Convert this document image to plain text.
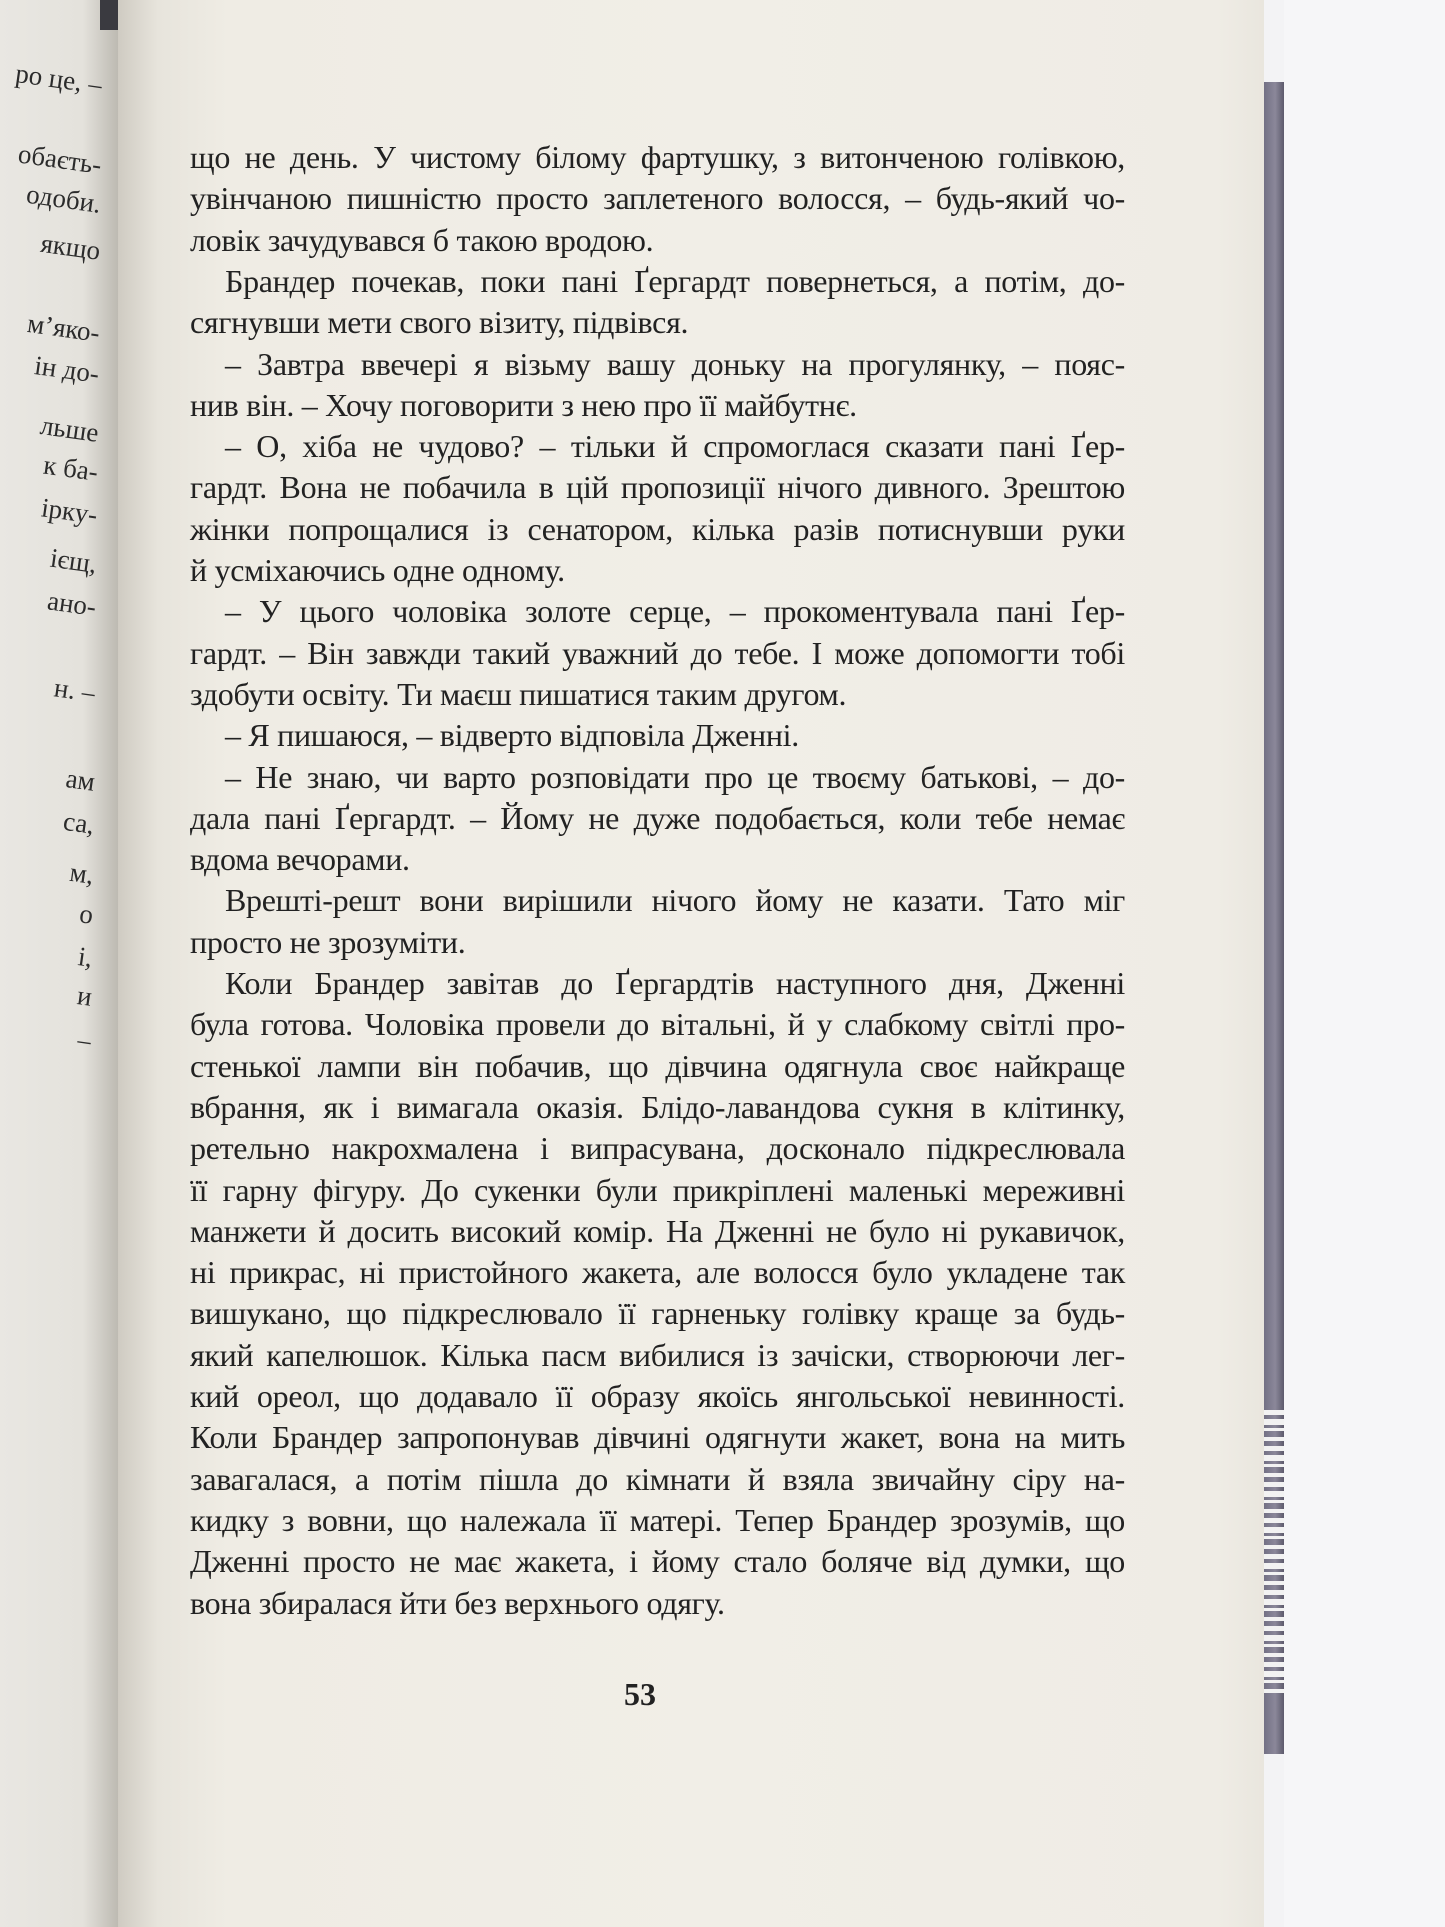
ро це, –
обаєть-
одоби.
якщо
м’яко-
ін до-
льше
к ба-
ірку-
ієщ,
ано-
н. –
ам
са,
м,
о
і,
и
–
що не день. У чистому білому фартушку, з витонченою голівкою,
увінчаною пишністю просто заплетеного волосся, – будь-який чо-
ловік зачудувався б такою вродою.
Брандер почекав, поки пані Ґергардт повернеться, а потім, до-
сягнувши мети свого візиту, підвівся.
– Завтра ввечері я візьму вашу доньку на прогулянку, – пояс-
нив він. – Хочу поговорити з нею про її майбутнє.
– О, хіба не чудово? – тільки й спромоглася сказати пані Ґер-
гардт. Вона не побачила в цій пропозиції нічого дивного. Зрештою
жінки попрощалися із сенатором, кілька разів потиснувши руки
й усміхаючись одне одному.
– У цього чоловіка золоте серце, – прокоментувала пані Ґер-
гардт. – Він завжди такий уважний до тебе. І може допомогти тобі
здобути освіту. Ти маєш пишатися таким другом.
– Я пишаюся, – відверто відповіла Дженні.
– Не знаю, чи варто розповідати про це твоєму батькові, – до-
дала пані Ґергардт. – Йому не дуже подобається, коли тебе немає
вдома вечорами.
Врешті-решт вони вирішили нічого йому не казати. Тато міг
просто не зрозуміти.
Коли Брандер завітав до Ґергардтів наступного дня, Дженні
була готова. Чоловіка провели до вітальні, й у слабкому світлі про-
стенької лампи він побачив, що дівчина одягнула своє найкраще
вбрання, як і вимагала оказія. Блідо-лавандова сукня в клітинку,
ретельно накрохмалена і випрасувана, досконало підкреслювала
її гарну фігуру. До сукенки були прикріплені маленькі мереживні
манжети й досить високий комір. На Дженні не було ні рукавичок,
ні прикрас, ні пристойного жакета, але волосся було укладене так
вишукано, що підкреслювало її гарненьку голівку краще за будь-
який капелюшок. Кілька пасм вибилися із зачіски, створюючи лег-
кий ореол, що додавало її образу якоїсь янгольської невинності.
Коли Брандер запропонував дівчині одягнути жакет, вона на мить
завагалася, а потім пішла до кімнати й взяла звичайну сіру на-
кидку з вовни, що належала її матері. Тепер Брандер зрозумів, що
Дженні просто не має жакета, і йому стало боляче від думки, що
вона збиралася йти без верхнього одягу.
53
